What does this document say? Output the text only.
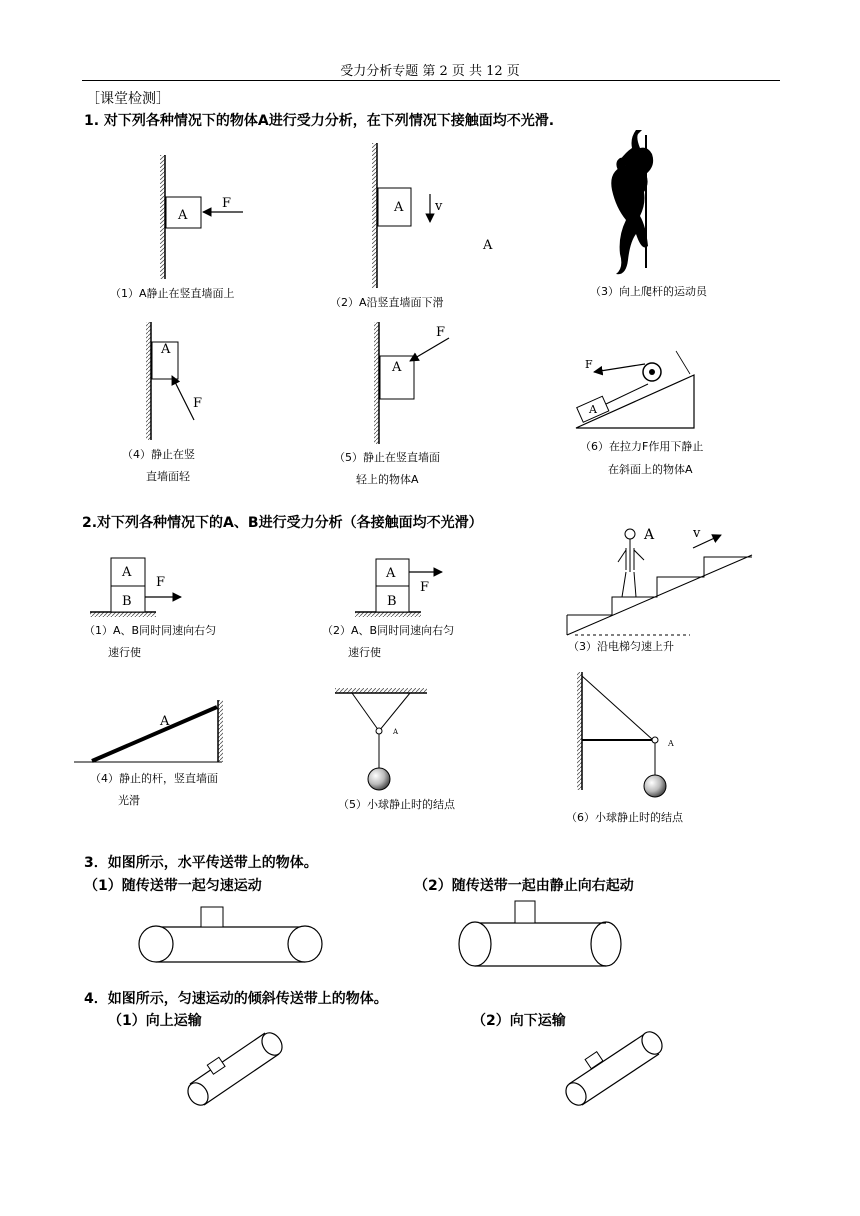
受力分析专题 第 2 页 共 12 页
［课堂检测］
1. 对下列各种情况下的物体A进行受力分析，在下列情况下接触面均不光滑.
A
F	A v
A
A
F
A
F
F
A
（1）A静止在竖直墙面上
（2）A沿竖直墙面下滑
（3）向上爬杆的运动员
（4）静止在竖
直墙面轻
（5）静止在竖直墙面
轻上的物体A
（6）在拉力F作用下静止
在斜面上的物体A
2.对下列各种情况下的A、B进行受力分析（各接触面均不光滑）
A
B
F
A
B
F
A	v
A
A
A
（1）A、B同时同速向右匀
速行使
（2）A、B同时同速向右匀
速行使	（3）沿电梯匀速上升
（4）静止的杆，竖直墙面
光滑	（5）小球静止时的结点
（6）小球静止时的结点
3．如图所示，水平传送带上的物体。
（1）随传送带一起匀速运动	（2）随传送带一起由静止向右起动
4．如图所示，匀速运动的倾斜传送带上的物体。
（1）向上运输	（2）向下运输
